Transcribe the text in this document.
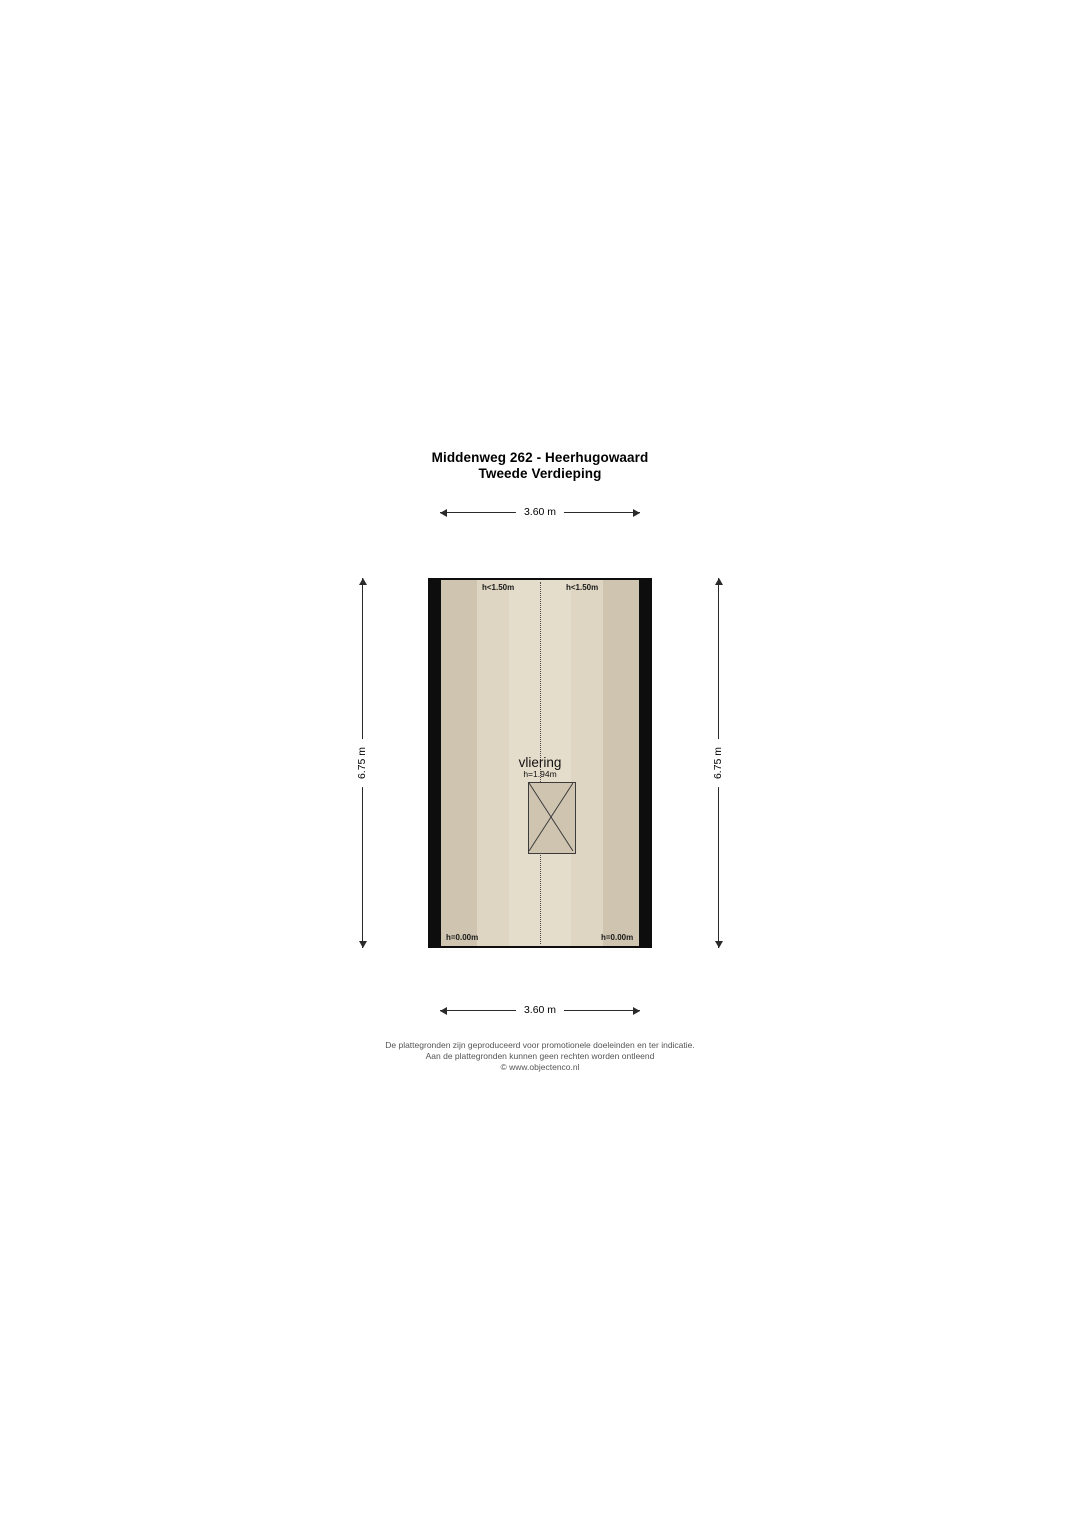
Middenweg 262 - Heerhugowaard
Tweede Verdieping
h<1.50m	h<1.50m
h=0.00m	h=0.00m
vliering
h=1.94m
3.60 m
3.60 m
6.75 m	6.75 m
De plattegronden zijn geproduceerd voor promotionele doeleinden en ter indicatie.
Aan de plattegronden kunnen geen rechten worden ontleend
© www.objectenco.nl
